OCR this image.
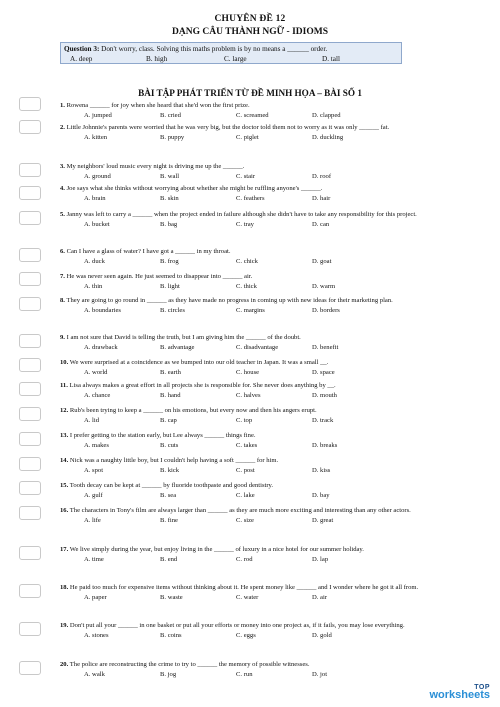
CHUYÊN ĐỀ 12
DẠNG CÂU THÀNH NGỮ - IDIOMS
Question 3: Don't worry, class. Solving this maths problem is by no means a ______ order.
A. deep	B. high	C. large	D. tall
BÀI TẬP PHÁT TRIỂN TỪ ĐỀ MINH HỌA – BÀI SỐ 1
1. Rowena ______ for joy when she heard that she'd won the first prize.
A. jumped	B. cried	C. screamed	D. clapped
2. Little Johnnie's parents were worried that he was very big, but the doctor told them not to worry as it was only ______ fat.
A. kitten	B. puppy	C. piglet	D. duckling
3. My neighbors' loud music every night is driving me up the ______.
A. ground	B. wall	C. stair	D. roof
4. Joe says what she thinks without worrying about whether she might be ruffling anyone's ______.
A. brain	B. skin	C. feathers	D. hair
5. Janny was left to carry a ______ when the project ended in failure although she didn't have to take any responsibility for this project.
A. bucket	B. bag	C. tray	D. can
6. Can I have a glass of water? I have got a ______ in my throat.
A. duck	B. frog	C. chick	D. goat
7. He was never seen again. He just seemed to disappear into ______ air.
A. thin	B. light	C. thick	D. warm
8. They are going to go round in ______ as they have made no progress in coming up with new ideas for their marketing plan.
A. boundaries	B. circles	C. margins	D. borders
9. I am not sure that David is telling the truth, but I am giving him the ______ of the doubt.
A. drawback	B. advantage	C. disadvantage	D. benefit
10. We were surprised at a coincidence as we bumped into our old teacher in Japan. It was a small __.
A. world	B. earth	C. house	D. space
11. Lisa always makes a great effort in all projects she is responsible for. She never does anything by __.
A. chance	B. hand	C. halves	D. mouth
12. Rub's been trying to keep a ______ on his emotions, but every now and then his angers erupt.
A. lid	B. cap	C. top	D. track
13. I prefer getting to the station early, but Lee always ______ things fine.
A. makes	B. cuts	C. takes	D. breaks
14. Nick was a naughty little boy, but I couldn't help having a soft ______ for him.
A. spot	B. kick	C. post	D. kiss
15. Tooth decay can be kept at ______ by fluoride toothpaste and good dentistry.
A. gulf	B. sea	C. lake	D. bay
16. The characters in Tony's film are always larger than ______ as they are much more exciting and interesting than any other actors.
A. life	B. fine	C. size	D. great
17. We live simply during the year, but enjoy living in the ______ of luxury in a nice hotel for our summer holiday.
A. time	B. end	C. rod	D. lap
18. He paid too much for expensive items without thinking about it. He spent money like ______ and I wonder where he got it all from.
A. paper	B. waste	C. water	D. air
19. Don't put all your ______ in one basket or put all your efforts or money into one project as, if it fails, you may lose everything.
A. stones	B. coins	C. eggs	D. gold
20. The police are reconstructing the crime to try to ______ the memory of possible witnesses.
A. walk	B. jog	C. run	D. jot
TOP
worksheets
